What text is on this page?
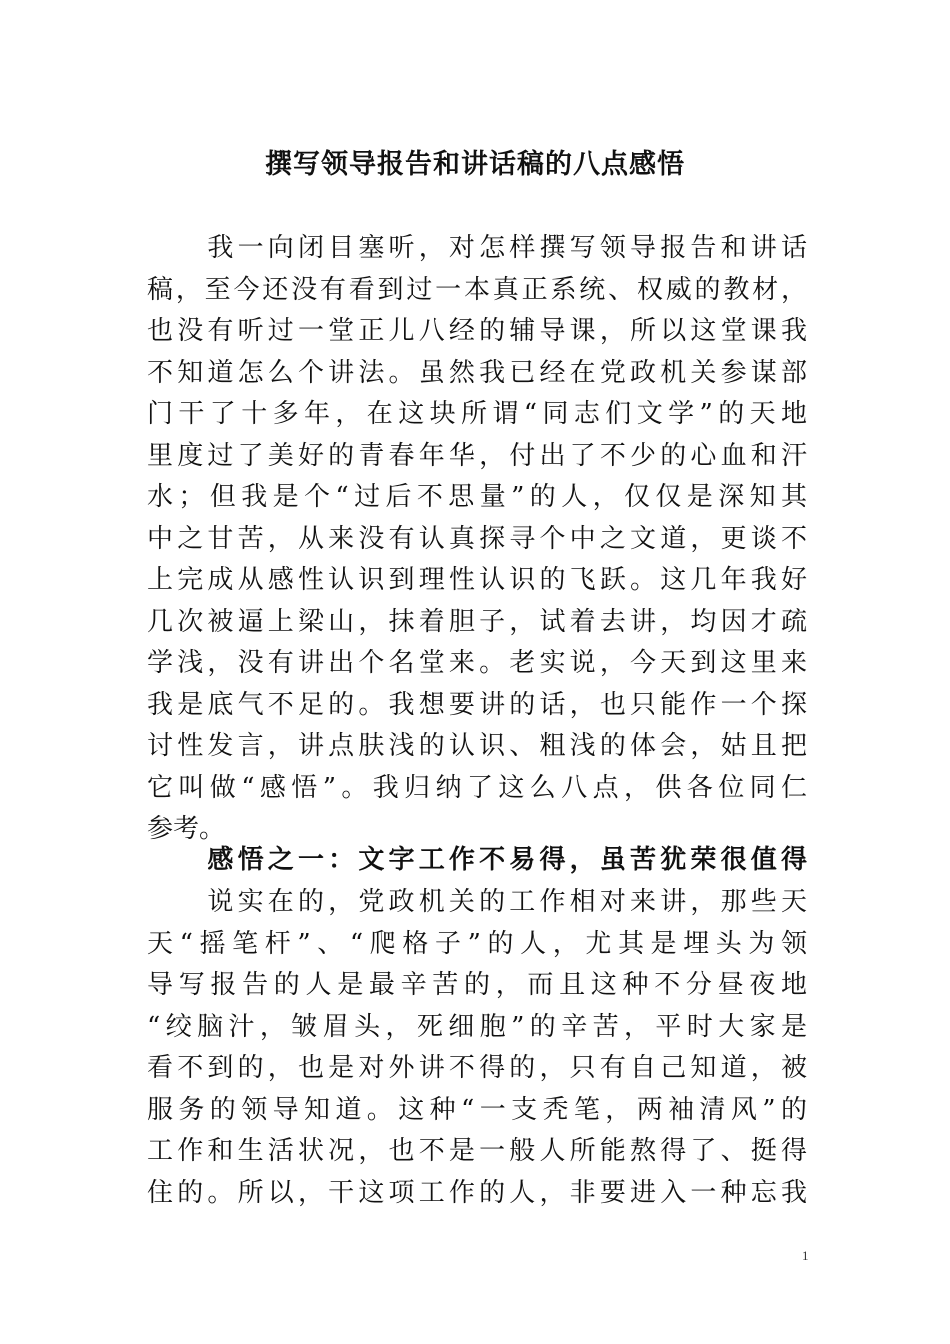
撰写领导报告和讲话稿的八点感悟
　　我一向闭目塞听，对怎样撰写领导报告和讲话
稿，至今还没有看到过一本真正系统、权威的教材，
也没有听过一堂正儿八经的辅导课，所以这堂课我
不知道怎么个讲法。虽然我已经在党政机关参谋部
门干了十多年，在这块所谓“同志们文学”的天地
里度过了美好的青春年华，付出了不少的心血和汗
水；但我是个“过后不思量”的人，仅仅是深知其
中之甘苦，从来没有认真探寻个中之文道，更谈不
上完成从感性认识到理性认识的飞跃。这几年我好
几次被逼上梁山，抹着胆子，试着去讲，均因才疏
学浅，没有讲出个名堂来。老实说，今天到这里来
我是底气不足的。我想要讲的话，也只能作一个探
讨性发言，讲点肤浅的认识、粗浅的体会，姑且把
它叫做“感悟”。我归纳了这么八点，供各位同仁
参考。
　　感悟之一：文字工作不易得，虽苦犹荣很值得
　　说实在的，党政机关的工作相对来讲，那些天
天“摇笔杆”、“爬格子”的人，尤其是埋头为领
导写报告的人是最辛苦的，而且这种不分昼夜地
“绞脑汁，皱眉头，死细胞”的辛苦，平时大家是
看不到的，也是对外讲不得的，只有自己知道，被
服务的领导知道。这种“一支秃笔，两袖清风”的
工作和生活状况，也不是一般人所能熬得了、挺得
住的。所以，干这项工作的人，非要进入一种忘我
1
